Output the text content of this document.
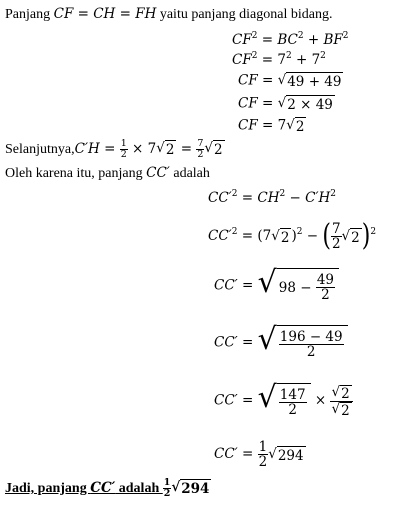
Panjang CF = CH = FH yaitu panjang diagonal bidang.
$CF^2 = BC^2 + BF^2$
$CF^2 = 7^2 + 7^2$
CF = √ 49 + 49
CF = √ 2 × 49
CF = 7 √ 2
Selanjutnya,C′H = $\frac{1}{2} \times 7$ √ $2 = \frac{7}{2}$ √ 2
Oleh karena itu, panjang CC′ adalah
$CC'^2 = CH^2 - C'H^2$
$CC'^2 = (7$ √ 2 )$^2$ − ( $\frac{7}{2}$ √ 2 )$^2$
CC′ = √ 98 −
$\frac{49}{2}$
CC′ = √ $\frac{196 - 49}{2}$
CC′ = √ $\frac{147}{2} \times \frac{√ 2}{√ 2}$
$CC' = \frac{1}{2}$ √ 294
Jadi, panjang CC′ adalah $\frac{1}{2}$ √ 294
